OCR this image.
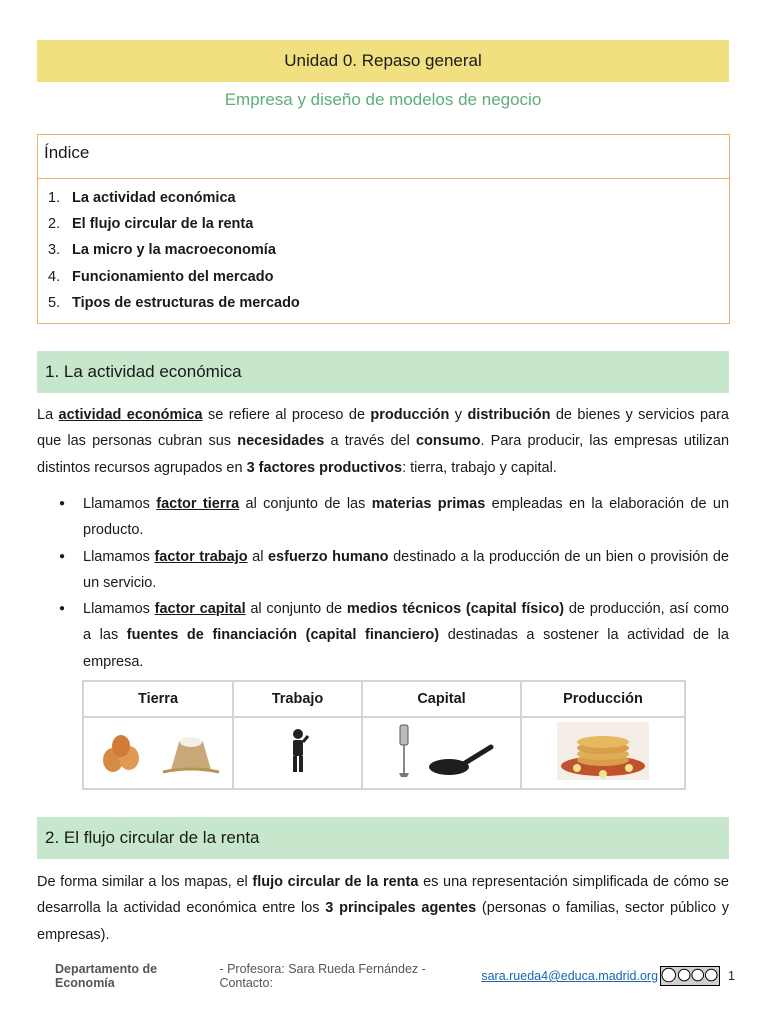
Unidad 0. Repaso general
Empresa y diseño de modelos de negocio
Índice
1. La actividad económica
2. El flujo circular de la renta
3. La micro y la macroeconomía
4. Funcionamiento del mercado
5. Tipos de estructuras de mercado
1. La actividad económica

La actividad económica se refiere al proceso de producción y distribución de bienes y servicios para que las personas cubran sus necesidades a través del consumo. Para producir, las empresas utilizan distintos recursos agrupados en 3 factores productivos: tierra, trabajo y capital.

● Llamamos factor tierra al conjunto de las materias primas empleadas en la elaboración de un producto.
● Llamamos factor trabajo al esfuerzo humano destinado a la producción de un bien o provisión de un servicio.
● Llamamos factor capital al conjunto de medios técnicos (capital físico) de producción, así como a las fuentes de financiación (capital financiero) destinadas a sostener la actividad de la empresa.
Tierra	Trabajo	Capital	Producción

2. El flujo circular de la renta

De forma similar a los mapas, el flujo circular de la renta es una representación simplificada de cómo se desarrolla la actividad económica entre los 3 principales agentes (personas o familias, sector público y empresas).

Departamento de Economía
- Profesora: Sara Rueda Fernández - Contacto:	sara.rueda4@educa.madrid.org	1
